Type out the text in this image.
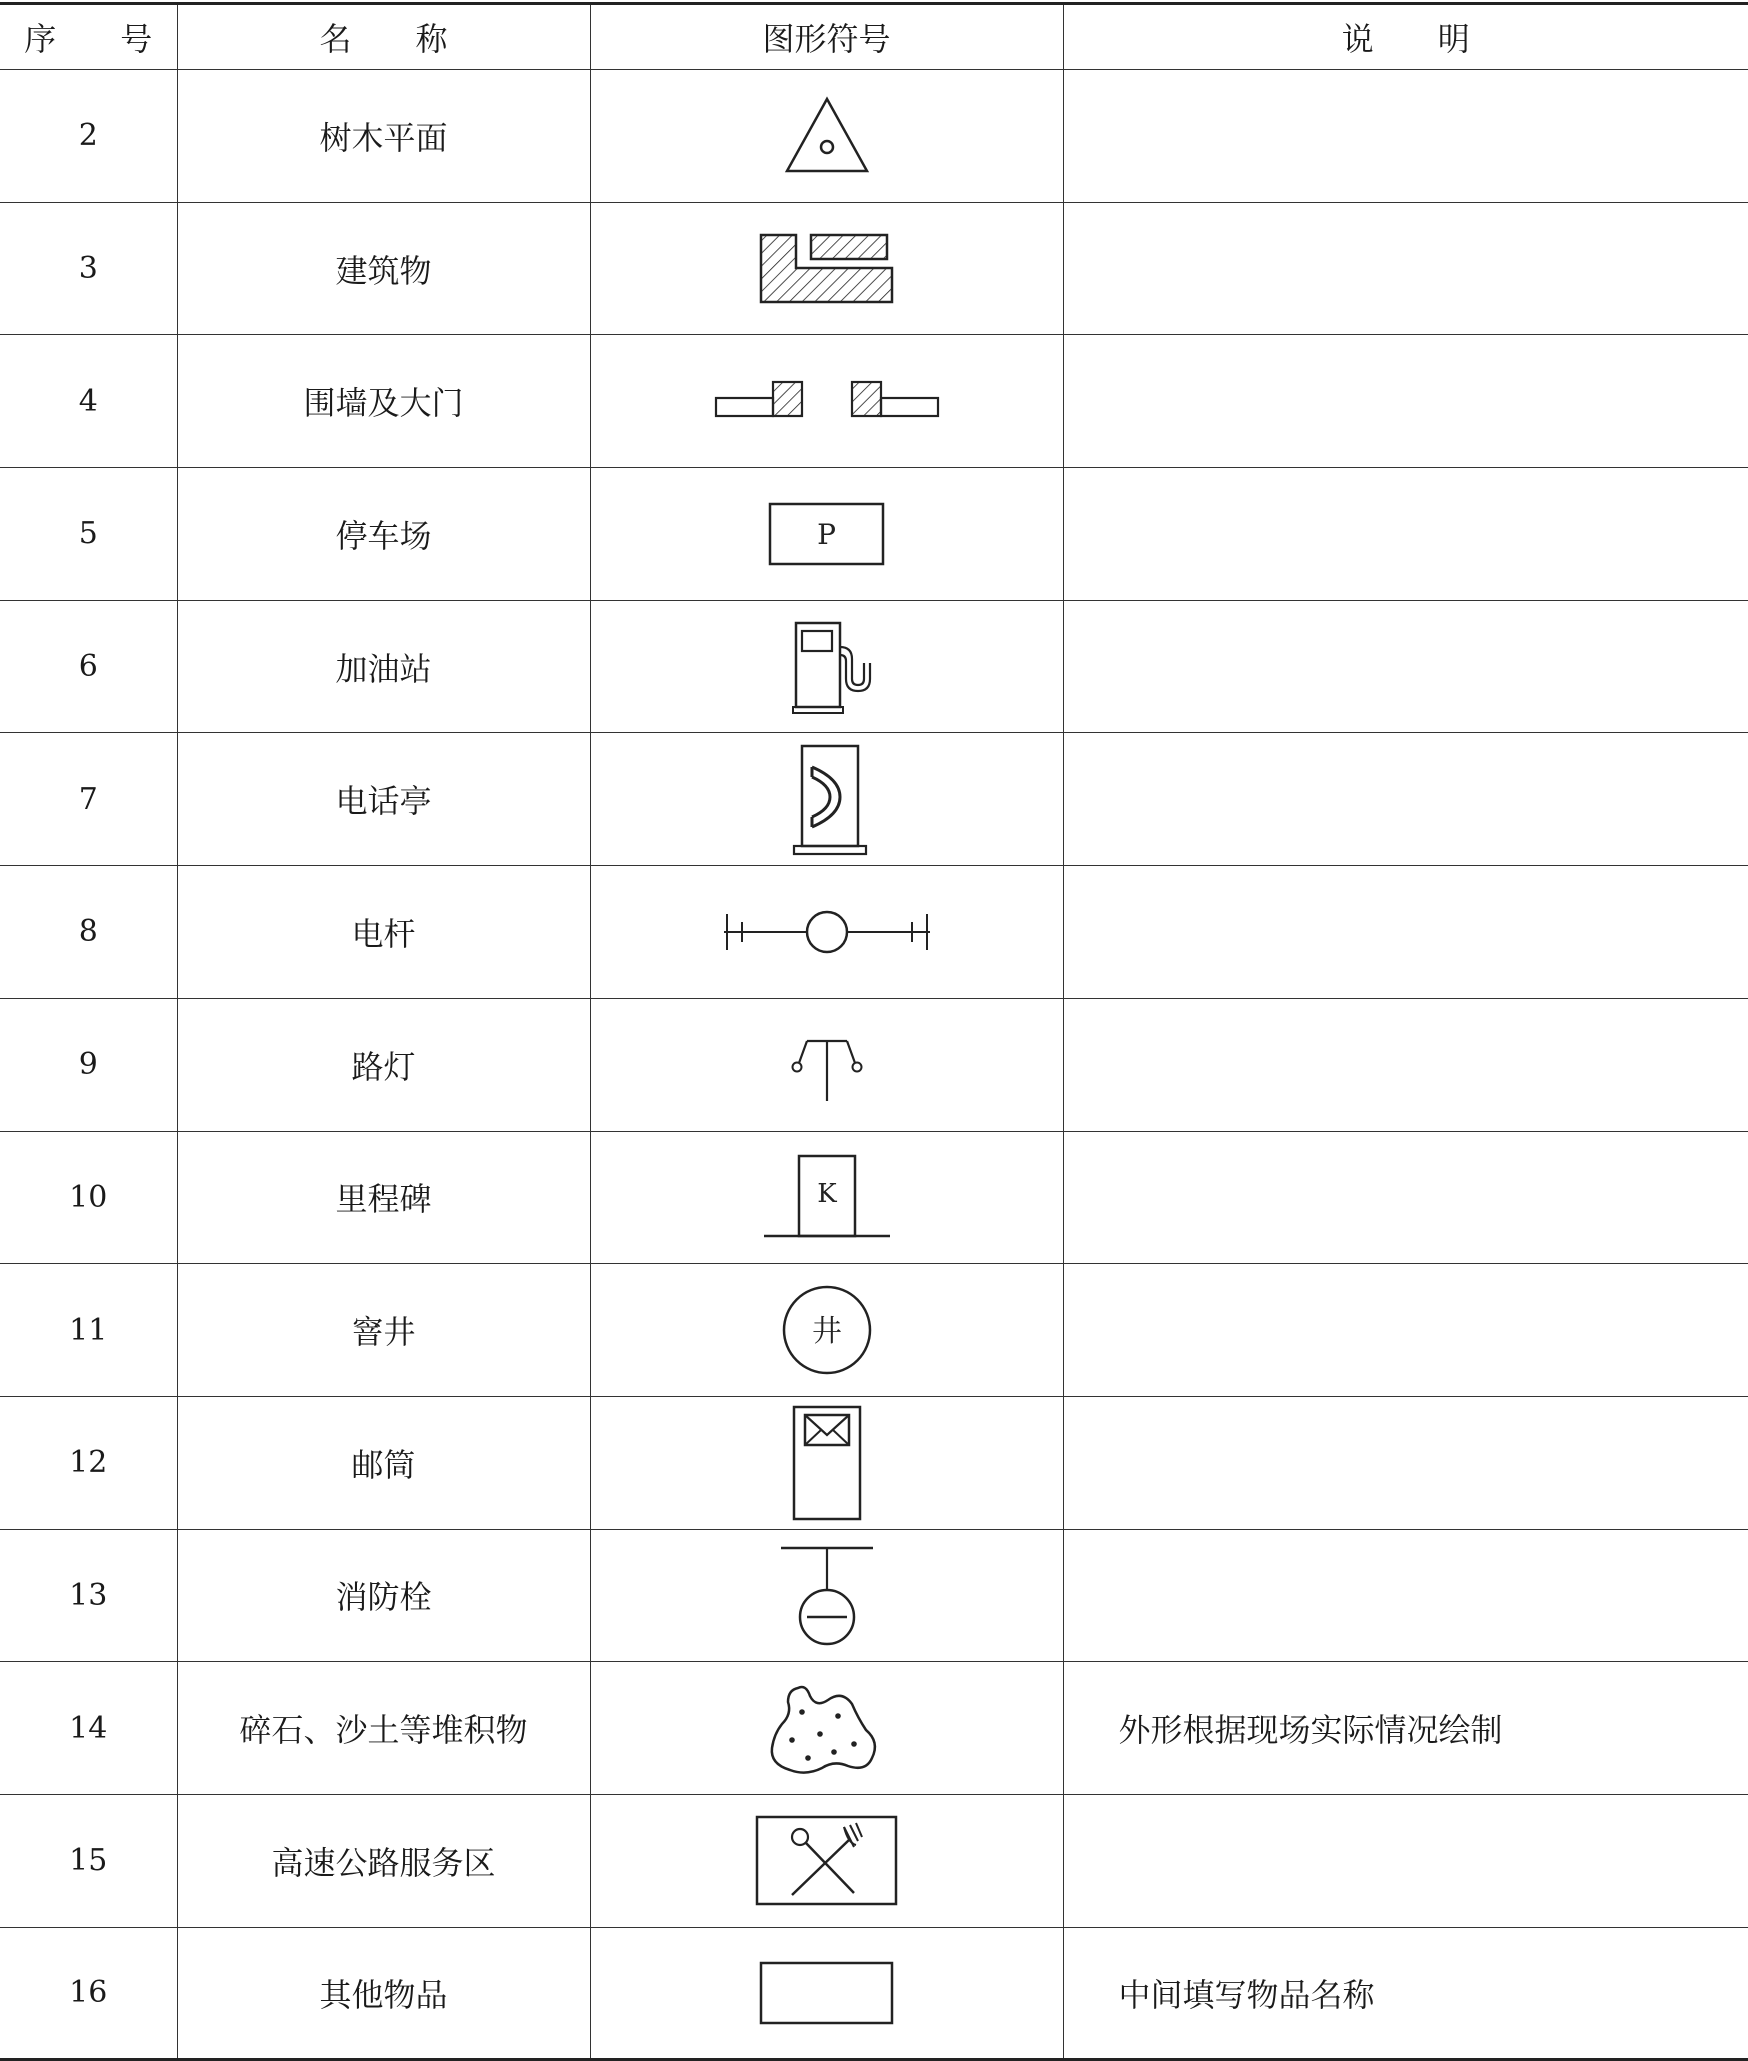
序　　号	名　　称	图形符号	说　　明
2	树木平面	

3	建筑物	

4	围墙及大门	

5	停车场	P	

6	加油站	

7	电话亭	

8	电杆	

9	路灯	

10	里程碑	K	

11	窨井	井	

12	邮筒	

13	消防栓	

14	碎石、沙土等堆积物		外形根据现场实际情况绘制
15	高速公路服务区	

16	其他物品		中间填写物品名称
